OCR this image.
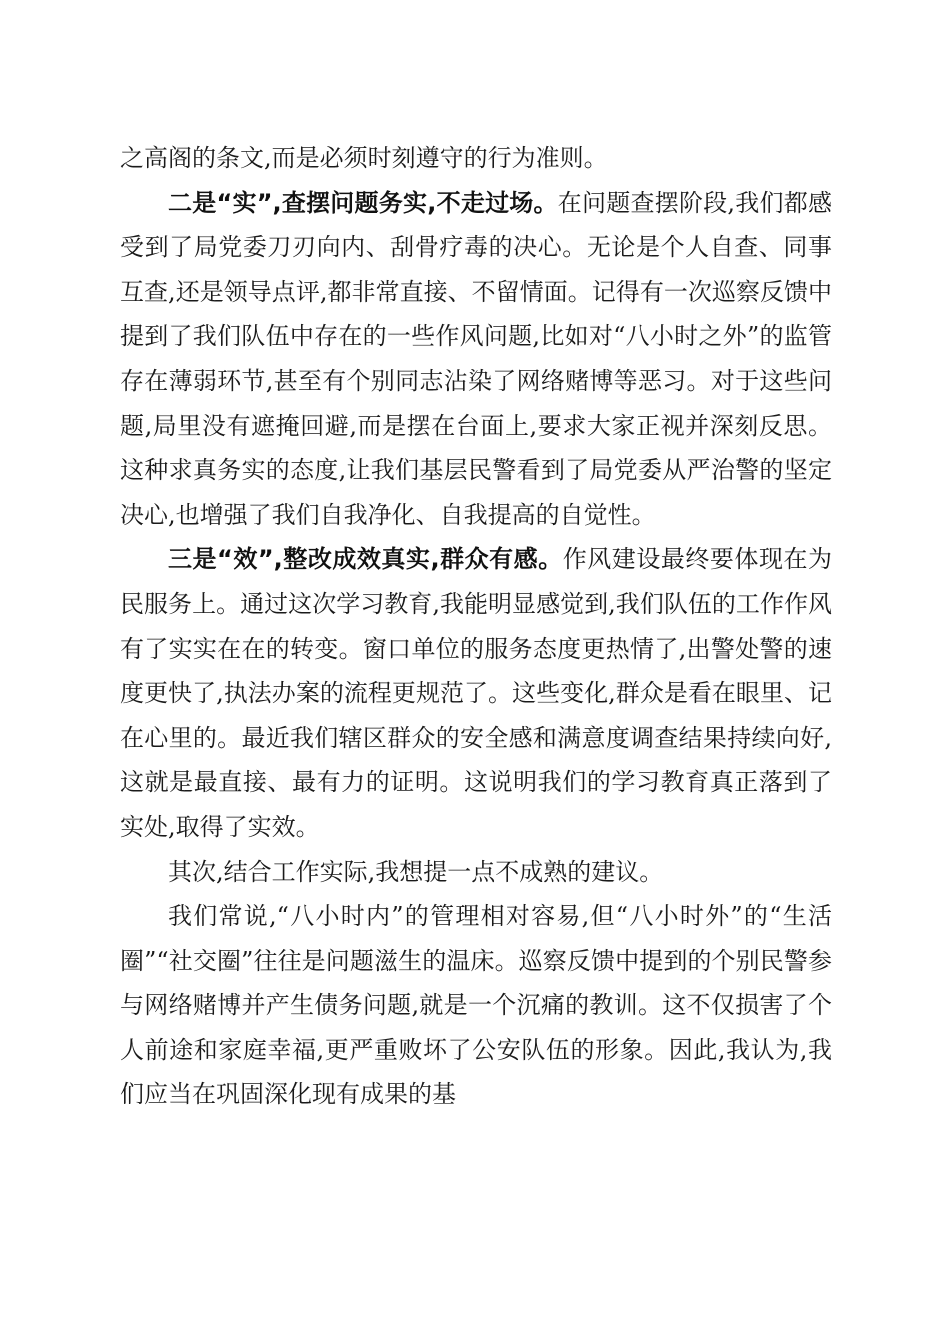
之高阁的条文,而是必须时刻遵守的行为准则。

二是“实”,查摆问题务实,不走过场。在问题查摆阶段,我们都感受到了局党委刀刃向内、刮骨疗毒的决心。无论是个人自查、同事互查,还是领导点评,都非常直接、不留情面。记得有一次巡察反馈中提到了我们队伍中存在的一些作风问题,比如对“八小时之外”的监管存在薄弱环节,甚至有个别同志沾染了网络赌博等恶习。对于这些问题,局里没有遮掩回避,而是摆在台面上,要求大家正视并深刻反思。这种求真务实的态度,让我们基层民警看到了局党委从严治警的坚定决心,也增强了我们自我净化、自我提高的自觉性。

三是“效”,整改成效真实,群众有感。作风建设最终要体现在为民服务上。通过这次学习教育,我能明显感觉到,我们队伍的工作作风有了实实在在的转变。窗口单位的服务态度更热情了,出警处警的速度更快了,执法办案的流程更规范了。这些变化,群众是看在眼里、记在心里的。最近我们辖区群众的安全感和满意度调查结果持续向好,这就是最直接、最有力的证明。这说明我们的学习教育真正落到了实处,取得了实效。

其次,结合工作实际,我想提一点不成熟的建议。

我们常说,“八小时内”的管理相对容易,但“八小时外”的“生活圈”“社交圈”往往是问题滋生的温床。巡察反馈中提到的个别民警参与网络赌博并产生债务问题,就是一个沉痛的教训。这不仅损害了个人前途和家庭幸福,更严重败坏了公安队伍的形象。因此,我认为,我们应当在巩固深化现有成果的基
